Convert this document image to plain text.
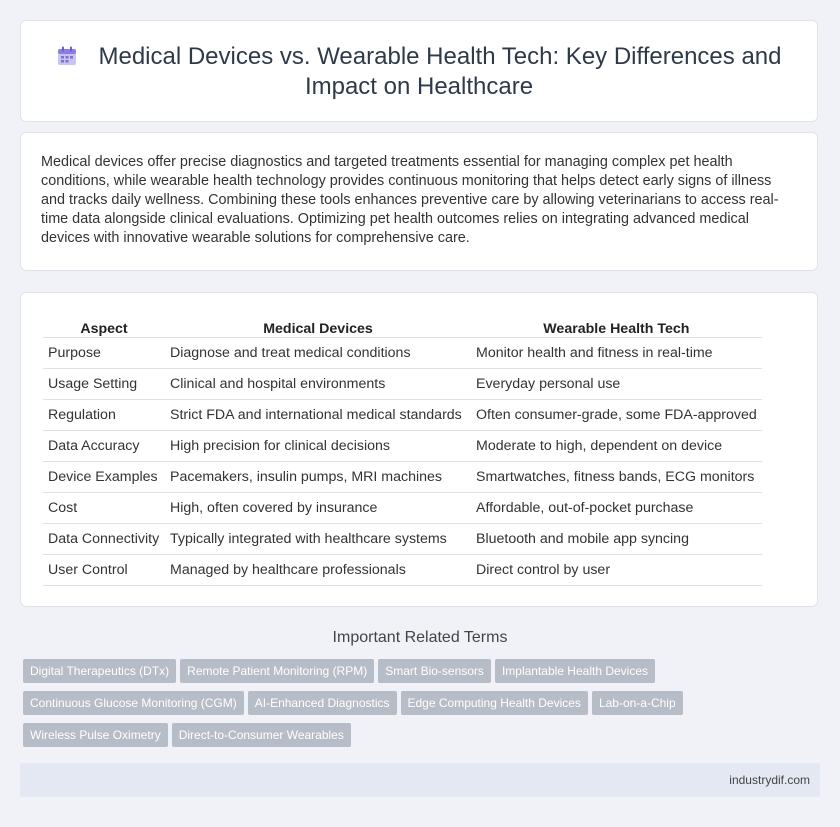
Medical Devices vs. Wearable Health Tech: Key Differences and
Impact on Healthcare

Medical devices offer precise diagnostics and targeted treatments essential for managing complex pet health conditions, while wearable health technology provides continuous monitoring that helps detect early signs of illness and tracks daily wellness. Combining these tools enhances preventive care by allowing veterinarians to access real-time data alongside clinical evaluations. Optimizing pet health outcomes relies on integrating advanced medical devices with innovative wearable solutions for comprehensive care.

Aspect	Medical Devices	Wearable Health Tech
Purpose	Diagnose and treat medical conditions	Monitor health and fitness in real-time
Usage Setting	Clinical and hospital environments	Everyday personal use
Regulation	Strict FDA and international medical standards	Often consumer-grade, some FDA-approved
Data Accuracy	High precision for clinical decisions	Moderate to high, dependent on device
Device Examples	Pacemakers, insulin pumps, MRI machines	Smartwatches, fitness bands, ECG monitors
Cost	High, often covered by insurance	Affordable, out-of-pocket purchase
Data Connectivity	Typically integrated with healthcare systems	Bluetooth and mobile app syncing
User Control	Managed by healthcare professionals	Direct control by user
Important Related Terms
Digital Therapeutics (DTx) Remote Patient Monitoring (RPM) Smart Bio-sensors Implantable Health DevicesContinuous Glucose Monitoring (CGM) AI-Enhanced Diagnostics Edge Computing Health Devices Lab-on-a-ChipWireless Pulse Oximetry Direct-to-Consumer Wearables
industrydif.com
